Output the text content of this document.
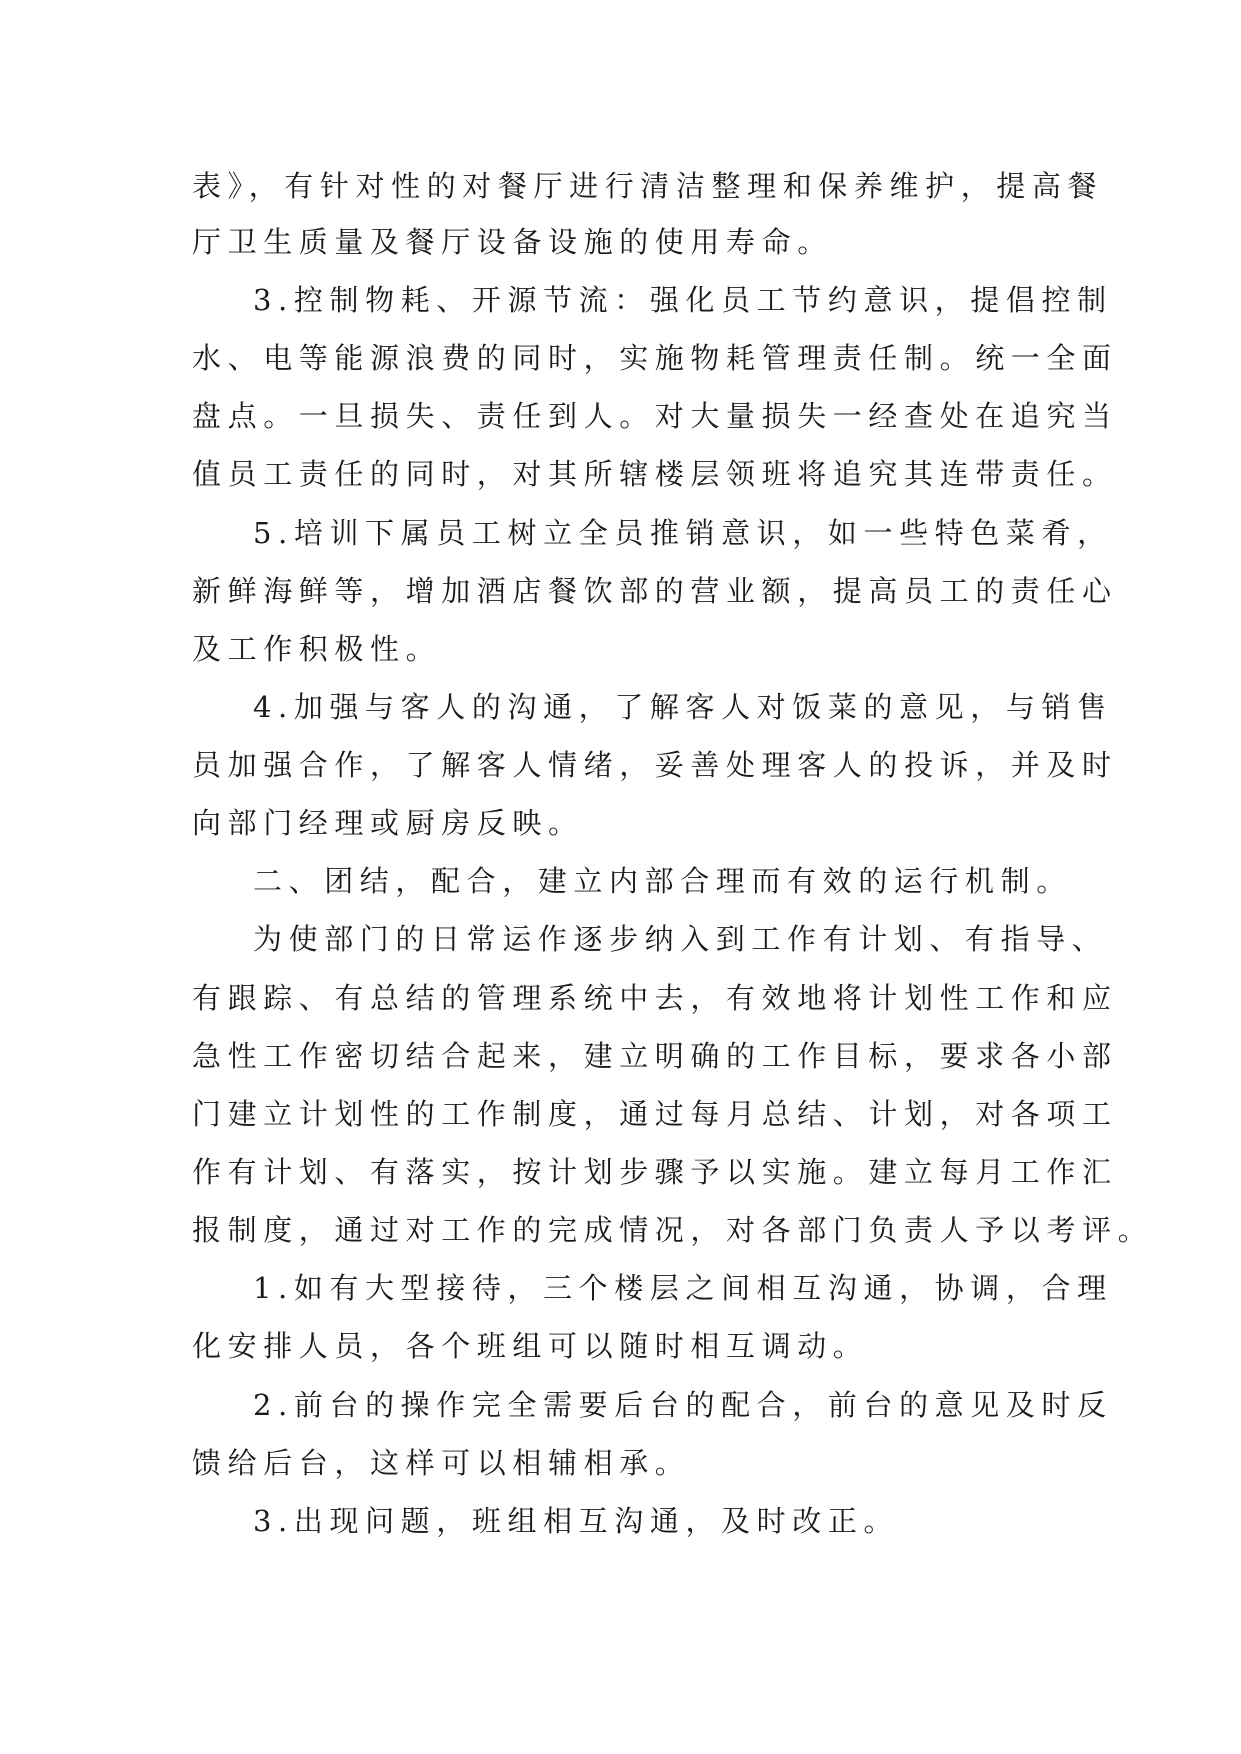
表》，有针对性的对餐厅进行清洁整理和保养维护，提高餐
厅卫生质量及餐厅设备设施的使用寿命。
3.控制物耗、开源节流：强化员工节约意识，提倡控制
水、电等能源浪费的同时，实施物耗管理责任制。统一全面
盘点。一旦损失、责任到人。对大量损失一经查处在追究当
值员工责任的同时，对其所辖楼层领班将追究其连带责任。
5.培训下属员工树立全员推销意识，如一些特色菜肴，
新鲜海鲜等，增加酒店餐饮部的营业额，提高员工的责任心
及工作积极性。
4.加强与客人的沟通，了解客人对饭菜的意见，与销售
员加强合作，了解客人情绪，妥善处理客人的投诉，并及时
向部门经理或厨房反映。
二、团结，配合，建立内部合理而有效的运行机制。
为使部门的日常运作逐步纳入到工作有计划、有指导、
有跟踪、有总结的管理系统中去，有效地将计划性工作和应
急性工作密切结合起来，建立明确的工作目标，要求各小部
门建立计划性的工作制度，通过每月总结、计划，对各项工
作有计划、有落实，按计划步骤予以实施。建立每月工作汇
报制度，通过对工作的完成情况，对各部门负责人予以考评。
1.如有大型接待，三个楼层之间相互沟通，协调，合理
化安排人员，各个班组可以随时相互调动。
2.前台的操作完全需要后台的配合，前台的意见及时反
馈给后台，这样可以相辅相承。
3.出现问题，班组相互沟通，及时改正。
